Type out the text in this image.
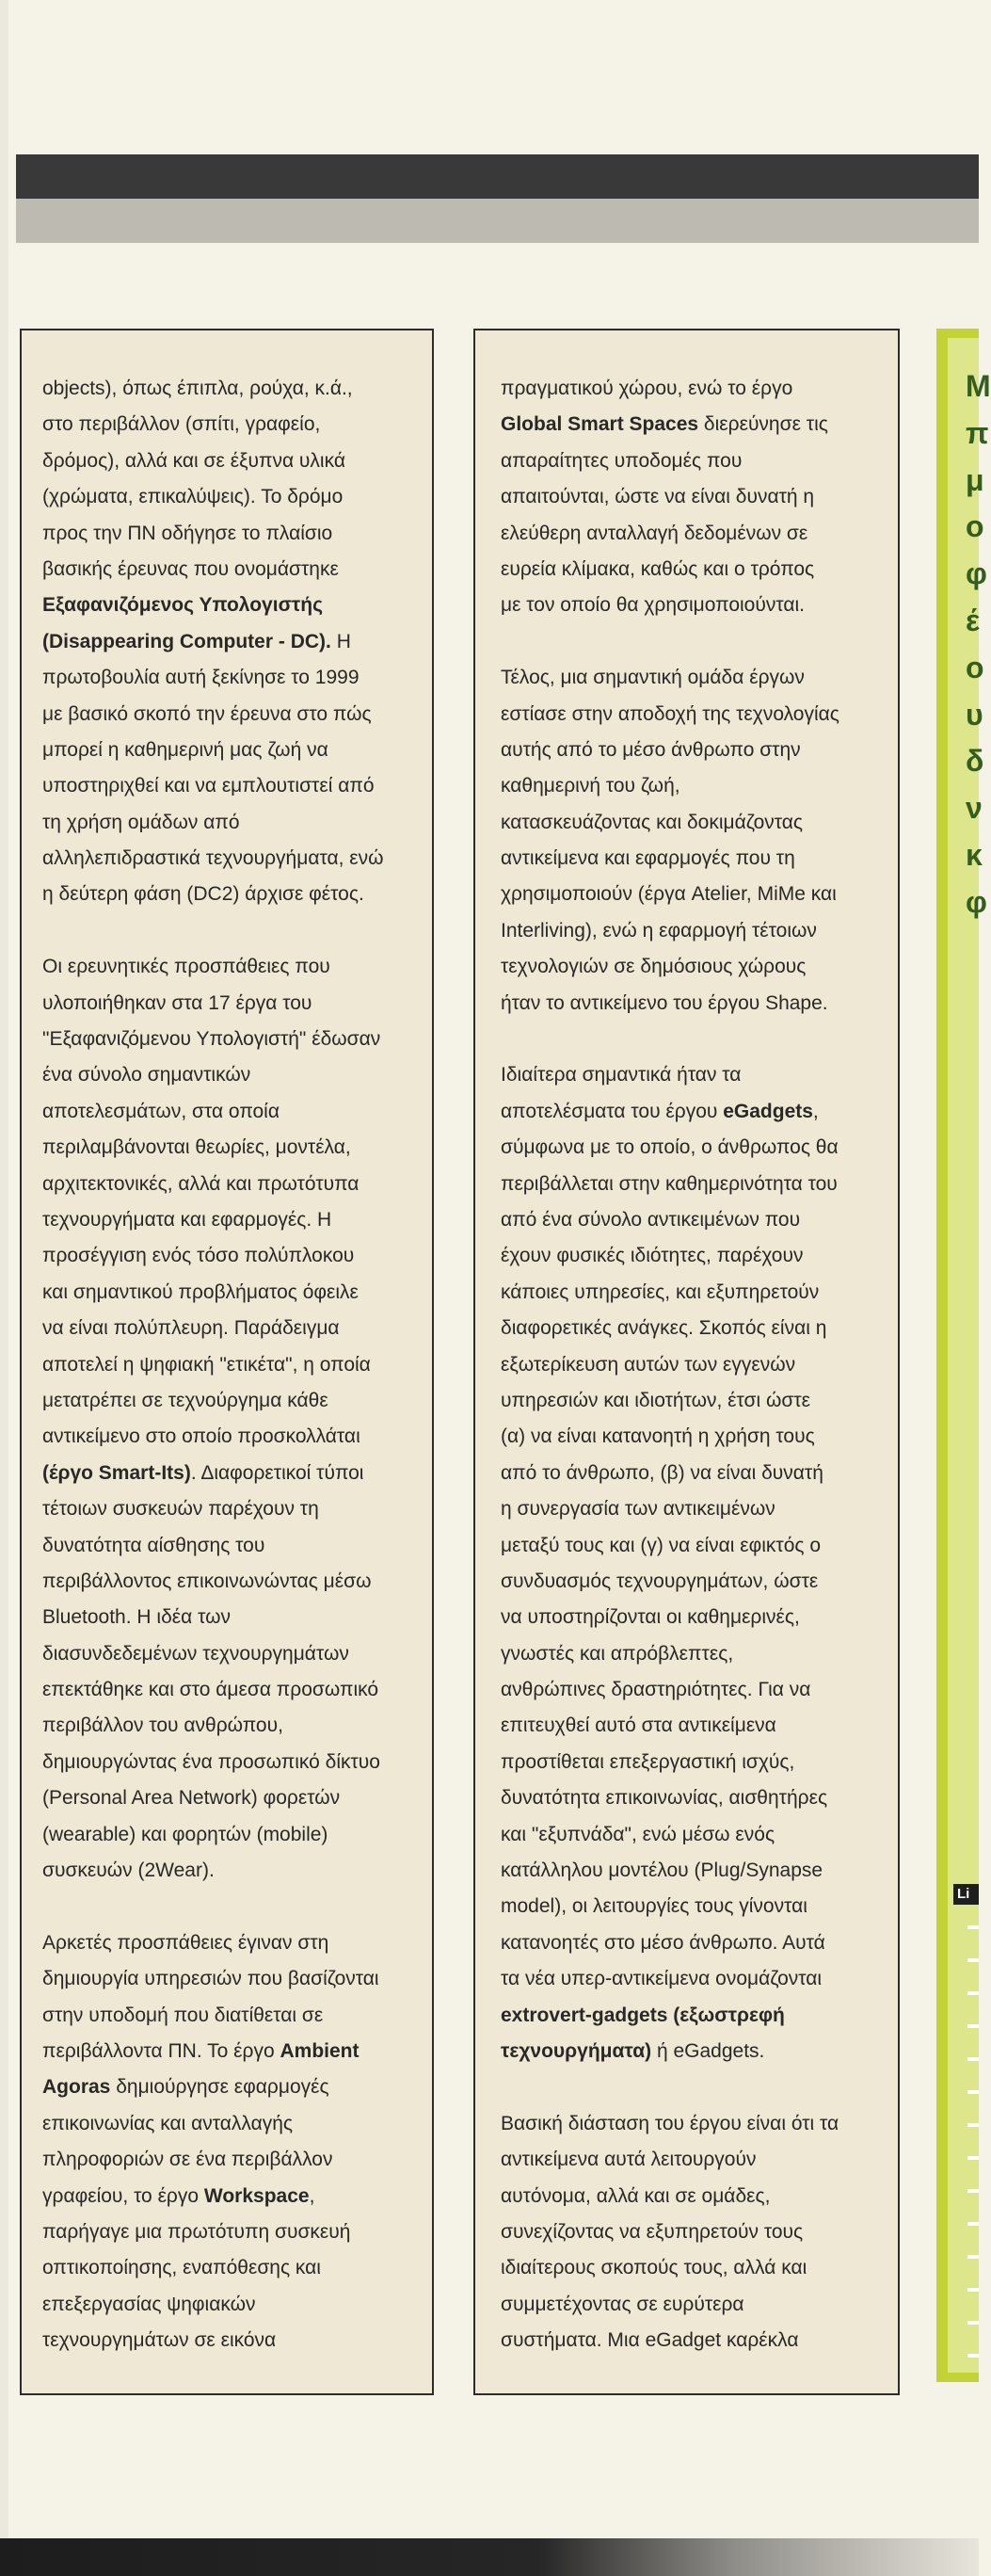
objects), όπως έπιπλα, ρούχα, κ.ά.,
στο περιβάλλον (σπίτι, γραφείο,
δρόμος), αλλά και σε έξυπνα υλικά
(χρώματα, επικαλύψεις). Το δρόμο
προς την ΠΝ οδήγησε το πλαίσιο
βασικής έρευνας που ονομάστηκε
Εξαφανιζόμενος Υπολογιστής
(Disappearing Computer - DC). Η
πρωτοβουλία αυτή ξεκίνησε το 1999
με βασικό σκοπό την έρευνα στο πώς
μπορεί η καθημερινή μας ζωή να
υποστηριχθεί και να εμπλουτιστεί από
τη χρήση ομάδων από
αλληλεπιδραστικά τεχνουργήματα, ενώ
η δεύτερη φάση (DC2) άρχισε φέτος.
Οι ερευνητικές προσπάθειες που
υλοποιήθηκαν στα 17 έργα του
"Εξαφανιζόμενου Υπολογιστή" έδωσαν
ένα σύνολο σημαντικών
αποτελεσμάτων, στα οποία
περιλαμβάνονται θεωρίες, μοντέλα,
αρχιτεκτονικές, αλλά και πρωτότυπα
τεχνουργήματα και εφαρμογές. Η
προσέγγιση ενός τόσο πολύπλοκου
και σημαντικού προβλήματος όφειλε
να είναι πολύπλευρη. Παράδειγμα
αποτελεί η ψηφιακή "ετικέτα", η οποία
μετατρέπει σε τεχνούργημα κάθε
αντικείμενο στο οποίο προσκολλάται
(έργο Smart-Its). Διαφορετικοί τύποι
τέτοιων συσκευών παρέχουν τη
δυνατότητα αίσθησης του
περιβάλλοντος επικοινωνώντας μέσω
Bluetooth. Η ιδέα των
διασυνδεδεμένων τεχνουργημάτων
επεκτάθηκε και στο άμεσα προσωπικό
περιβάλλον του ανθρώπου,
δημιουργώντας ένα προσωπικό δίκτυο
(Personal Area Network) φορετών
(wearable) και φορητών (mobile)
συσκευών (2Wear).
Αρκετές προσπάθειες έγιναν στη
δημιουργία υπηρεσιών που βασίζονται
στην υποδομή που διατίθεται σε
περιβάλλοντα ΠΝ. Το έργο Ambient
Agoras δημιούργησε εφαρμογές
επικοινωνίας και ανταλλαγής
πληροφοριών σε ένα περιβάλλον
γραφείου, το έργο Workspace,
παρήγαγε μια πρωτότυπη συσκευή
οπτικοποίησης, εναπόθεσης και
επεξεργασίας ψηφιακών
τεχνουργημάτων σε εικόνα
πραγματικού χώρου, ενώ το έργο
Global Smart Spaces διερεύνησε τις
απαραίτητες υποδομές που
απαιτούνται, ώστε να είναι δυνατή η
ελεύθερη ανταλλαγή δεδομένων σε
ευρεία κλίμακα, καθώς και ο τρόπος
με τον οποίο θα χρησιμοποιούνται.
Τέλος, μια σημαντική ομάδα έργων
εστίασε στην αποδοχή της τεχνολογίας
αυτής από το μέσο άνθρωπο στην
καθημερινή του ζωή,
κατασκευάζοντας και δοκιμάζοντας
αντικείμενα και εφαρμογές που τη
χρησιμοποιούν (έργα Atelier, MiMe και
Interliving), ενώ η εφαρμογή τέτοιων
τεχνολογιών σε δημόσιους χώρους
ήταν το αντικείμενο του έργου Shape.
Ιδιαίτερα σημαντικά ήταν τα
αποτελέσματα του έργου eGadgets,
σύμφωνα με το οποίο, ο άνθρωπος θα
περιβάλλεται στην καθημερινότητα του
από ένα σύνολο αντικειμένων που
έχουν φυσικές ιδιότητες, παρέχουν
κάποιες υπηρεσίες, και εξυπηρετούν
διαφορετικές ανάγκες. Σκοπός είναι η
εξωτερίκευση αυτών των εγγενών
υπηρεσιών και ιδιοτήτων, έτσι ώστε
(α) να είναι κατανοητή η χρήση τους
από το άνθρωπο, (β) να είναι δυνατή
η συνεργασία των αντικειμένων
μεταξύ τους και (γ) να είναι εφικτός ο
συνδυασμός τεχνουργημάτων, ώστε
να υποστηρίζονται οι καθημερινές,
γνωστές και απρόβλεπτες,
ανθρώπινες δραστηριότητες. Για να
επιτευχθεί αυτό στα αντικείμενα
προστίθεται επεξεργαστική ισχύς,
δυνατότητα επικοινωνίας, αισθητήρες
και "εξυπνάδα", ενώ μέσω ενός
κατάλληλου μοντέλου (Plug/Synapse
model), οι λειτουργίες τους γίνονται
κατανοητές στο μέσο άνθρωπο. Αυτά
τα νέα υπερ-αντικείμενα ονομάζονται
extrovert-gadgets (εξωστρεφή
τεχνουργήματα) ή eGadgets.
Βασική διάσταση του έργου είναι ότι τα
αντικείμενα αυτά λειτουργούν
αυτόνομα, αλλά και σε ομάδες,
συνεχίζοντας να εξυπηρετούν τους
ιδιαίτερους σκοπούς τους, αλλά και
συμμετέχοντας σε ευρύτερα
συστήματα. Μια eGadget καρέκλα
Μ
π
μ
ο
φ
έ
ο
υ
δ
ν
κ
φ
Li
